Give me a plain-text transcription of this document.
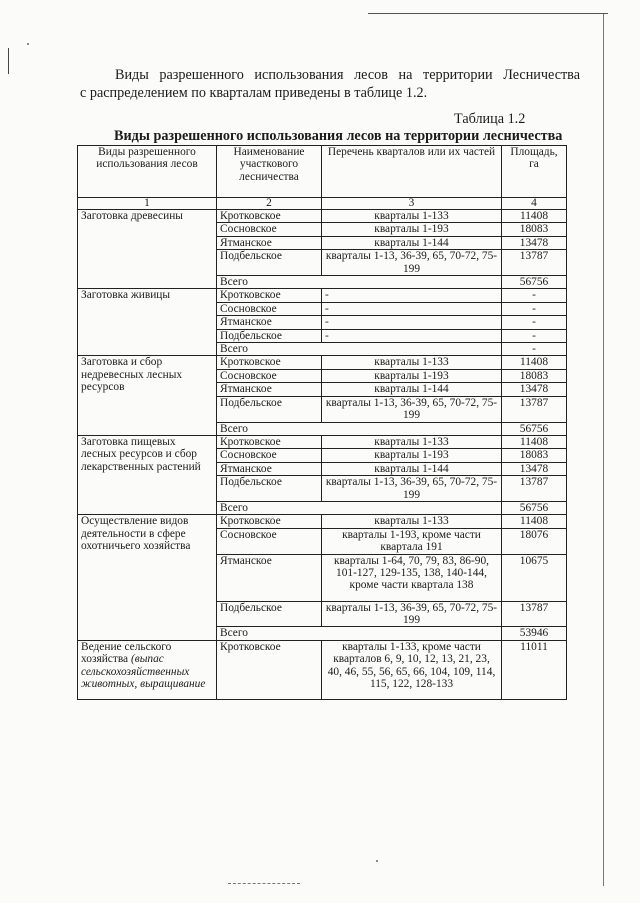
Виды разрешенного использования лесов на территории Лесничества
с распределением по кварталам приведены в таблице 1.2.
Таблица 1.2
Виды разрешенного использования лесов на территории лесничества
Виды разрешенного использования лесов	Наименование участкового лесничества	Перечень кварталов или их частей	Площадь, га
1	2	3	4
Заготовка древесины	Кротковское	кварталы 1-133	11408
	Сосновское	кварталы 1-193	18083
	Ятманское	кварталы 1-144	13478
	Подбельское	кварталы 1-13, 36-39, 65, 70-72, 75-199	13787
	Всего		56756
Заготовка живицы	Кротковское	-	-
	Сосновское	-	-
	Ятманское	-	-
	Подбельское	-	-
	Всего		-
Заготовка и сбор недревесных лесных ресурсов	Кротковское	кварталы 1-133	11408
	Сосновское	кварталы 1-193	18083
	Ятманское	кварталы 1-144	13478
	Подбельское	кварталы 1-13, 36-39, 65, 70-72, 75-199	13787
	Всего		56756
Заготовка пищевых лесных ресурсов и сбор лекарственных растений	Кротковское	кварталы 1-133	11408
	Сосновское	кварталы 1-193	18083
	Ятманское	кварталы 1-144	13478
	Подбельское	кварталы 1-13, 36-39, 65, 70-72, 75-199	13787
	Всего		56756
Осуществление видов деятельности в сфере охотничьего хозяйства	Кротковское	кварталы 1-133	11408
	Сосновское	кварталы 1-193, кроме части квартала 191	18076
	Ятманское	кварталы 1-64, 70, 79, 83, 86-90, 101-127, 129-135, 138, 140-144, кроме части квартала 138	10675
	Подбельское	кварталы 1-13, 36-39, 65, 70-72, 75-199	13787
	Всего		53946
Ведение сельского хозяйства (выпас сельскохозяйственных животных, выращивание	Кротковское	кварталы 1-133, кроме части кварталов 6, 9, 10, 12, 13, 21, 23, 40, 46, 55, 56, 65, 66, 104, 109, 114, 115, 122, 128-133	11011
